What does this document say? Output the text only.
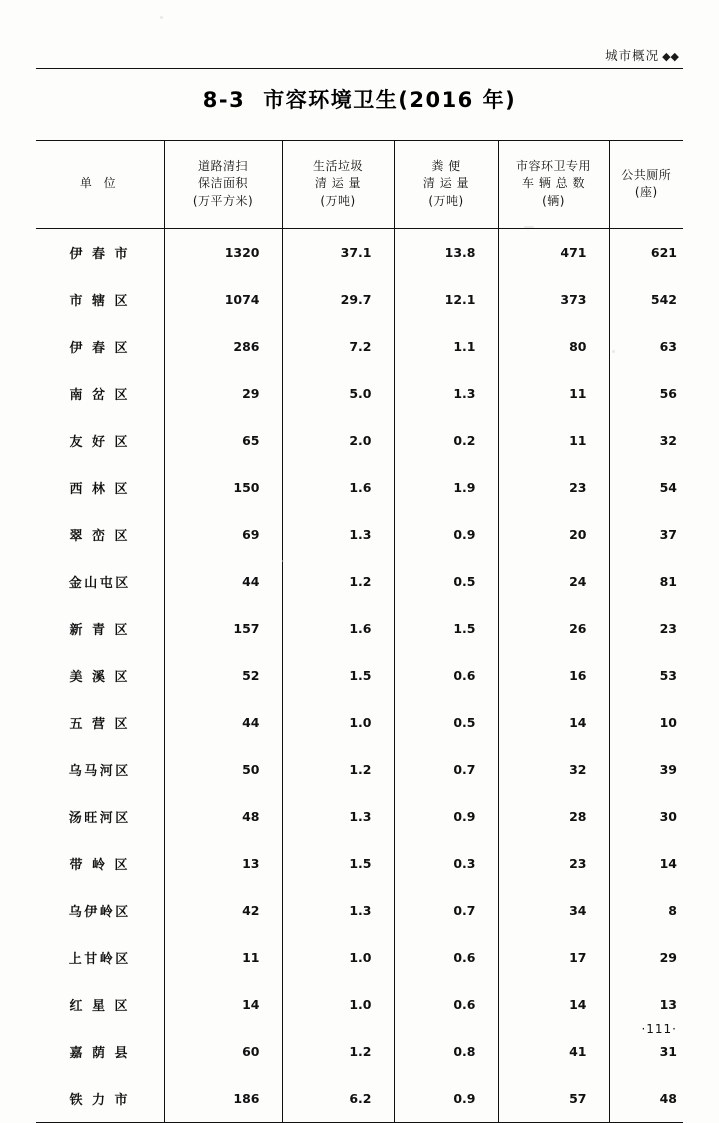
城市概况 ◆◆
8-3 市容环境卫生(2016 年)
单 位

道路清扫
保洁面积
(万平方米)

生活垃圾
清 运 量
(万吨)

粪 便
清 运 量
(万吨)

市容环卫专用
车 辆 总 数
(辆)

公共厕所
(座)

伊 春 市	1320	37.1	13.8	471	621
市 辖 区	1074	29.7	12.1	373	542
伊 春 区	286	7.2	1.1	80	63
南 岔 区	29	5.0	1.3	11	56
友 好 区	65	2.0	0.2	11	32
西 林 区	150	1.6	1.9	23	54
翠 峦 区	69	1.3	0.9	20	37
金山屯区	44	1.2	0.5	24	81
新 青 区	157	1.6	1.5	26	23
美 溪 区	52	1.5	0.6	16	53
五 营 区	44	1.0	0.5	14	10
乌马河区	50	1.2	0.7	32	39
汤旺河区	48	1.3	0.9	28	30
带 岭 区	13	1.5	0.3	23	14
乌伊岭区	42	1.3	0.7	34	8
上甘岭区	11	1.0	0.6	17	29
红 星 区	14	1.0	0.6	14	13
嘉 荫 县	60	1.2	0.8	41	31
铁 力 市	186	6.2	0.9	57	48
·111·
